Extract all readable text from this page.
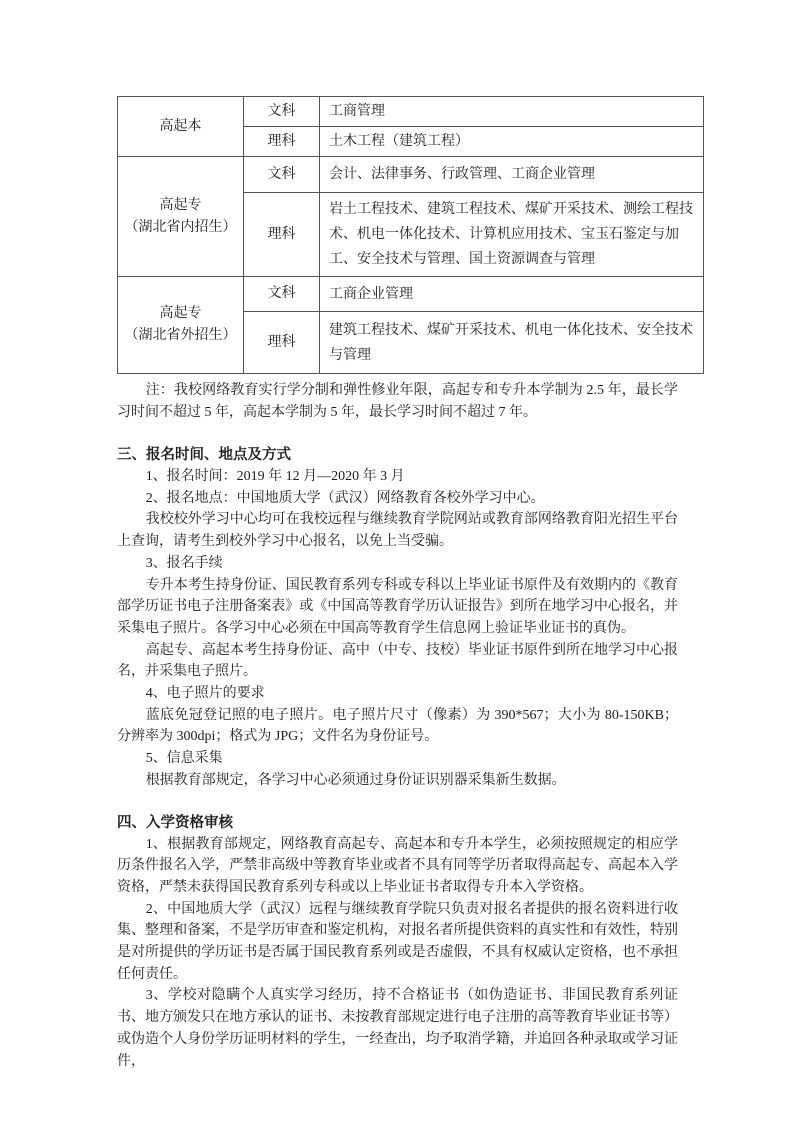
高起本	文科	工商管理
	理科	土木工程（建筑工程）

高起专
（湖北省内招生）	文科	会计、法律事务、行政管理、工商企业管理
	理科	岩土工程技术、建筑工程技术、煤矿开采技术、测绘工程技术、机电一体化技术、计算机应用技术、宝玉石鉴定与加工、安全技术与管理、国土资源调查与管理

高起专
（湖北省外招生）	文科	工商企业管理
	理科	建筑工程技术、煤矿开采技术、机电一体化技术、安全技术与管理

注：我校网络教育实行学分制和弹性修业年限，高起专和专升本学制为 2.5 年，最长学习时间不超过 5 年，高起本学制为 5 年，最长学习时间不超过 7 年。

三、报名时间、地点及方式

1、报名时间：2019 年 12 月—2020 年 3 月

2、报名地点：中国地质大学（武汉）网络教育各校外学习中心。

我校校外学习中心均可在我校远程与继续教育学院网站或教育部网络教育阳光招生平台上查询，请考生到校外学习中心报名，以免上当受骗。

3、报名手续

专升本考生持身份证、国民教育系列专科或专科以上毕业证书原件及有效期内的《教育部学历证书电子注册备案表》或《中国高等教育学历认证报告》到所在地学习中心报名，并采集电子照片。各学习中心必须在中国高等教育学生信息网上验证毕业证书的真伪。

高起专、高起本考生持身份证、高中（中专、技校）毕业证书原件到所在地学习中心报名，并采集电子照片。

4、电子照片的要求

蓝底免冠登记照的电子照片。电子照片尺寸（像素）为 390*567；大小为 80-150KB；分辨率为 300dpi；格式为 JPG；文件名为身份证号。

5、信息采集

根据教育部规定，各学习中心必须通过身份证识别器采集新生数据。

四、入学资格审核

1、根据教育部规定，网络教育高起专、高起本和专升本学生，必须按照规定的相应学历条件报名入学，严禁非高级中等教育毕业或者不具有同等学历者取得高起专、高起本入学资格，严禁未获得国民教育系列专科或以上毕业证书者取得专升本入学资格。

2、中国地质大学（武汉）远程与继续教育学院只负责对报名者提供的报名资料进行收集、整理和备案，不是学历审查和鉴定机构，对报名者所提供资料的真实性和有效性，特别是对所提供的学历证书是否属于国民教育系列或是否虚假，不具有权威认定资格，也不承担任何责任。

3、学校对隐瞒个人真实学习经历，持不合格证书（如伪造证书、非国民教育系列证书、地方颁发只在地方承认的证书、未按教育部规定进行电子注册的高等教育毕业证书等）或伪造个人身份学历证明材料的学生，一经查出，均予取消学籍，并追回各种录取或学习证件，
